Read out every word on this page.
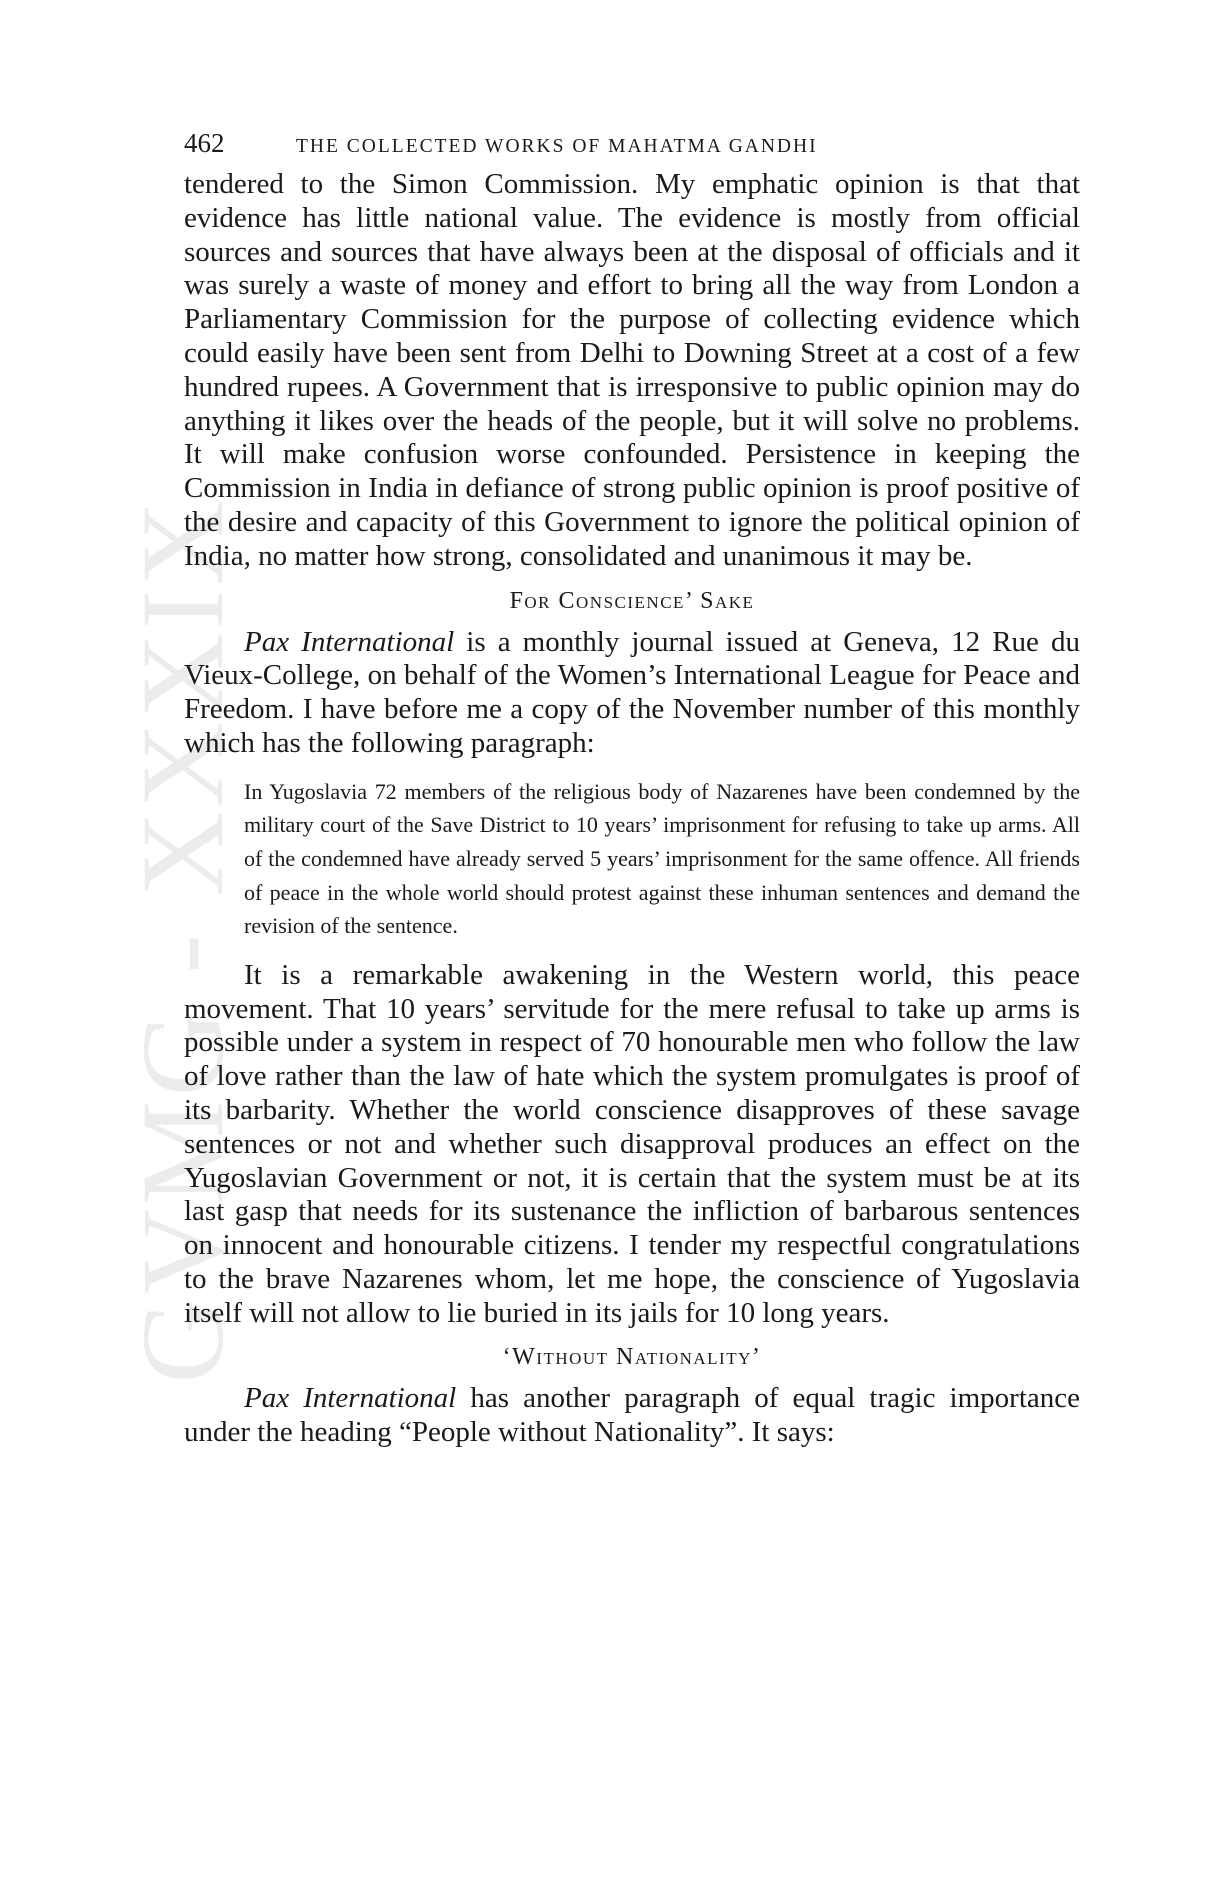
GVMG - XXXIX
462	THE COLLECTED WORKS OF MAHATMA GANDHI

tendered to the Simon Commission. My emphatic opinion is that that evidence has little national value. The evidence is mostly from official sources and sources that have always been at the disposal of officials and it was surely a waste of money and effort to bring all the way from London a Parliamentary Commission for the purpose of collecting evidence which could easily have been sent from Delhi to Downing Street at a cost of a few hundred rupees. A Government that is irresponsive to public opinion may do anything it likes over the heads of the people, but it will solve no problems. It will make confusion worse confounded. Persistence in keeping the Commission in India in defiance of strong public opinion is proof positive of the desire and capacity of this Government to ignore the political opinion of India, no matter how strong, consolidated and unanimous it may be.

For Conscience’ Sake

Pax International is a monthly journal issued at Geneva, 12 Rue du Vieux-College, on behalf of the Women’s International League for Peace and Freedom. I have before me a copy of the November number of this monthly which has the following paragraph:

In Yugoslavia 72 members of the religious body of Nazarenes have been condemned by the military court of the Save District to 10 years’ imprisonment for refusing to take up arms. All of the condemned have already served 5 years’ imprisonment for the same offence. All friends of peace in the whole world should protest against these inhuman sentences and demand the revision of the sentence.

It is a remarkable awakening in the Western world, this peace movement. That 10 years’ servitude for the mere refusal to take up arms is possible under a system in respect of 70 honourable men who follow the law of love rather than the law of hate which the system promulgates is proof of its barbarity. Whether the world conscience disapproves of these savage sentences or not and whether such disapproval produces an effect on the Yugoslavian Government or not, it is certain that the system must be at its last gasp that needs for its sustenance the infliction of barbarous sentences on innocent and honourable citizens. I tender my respectful congratulations to the brave Nazarenes whom, let me hope, the conscience of Yugoslavia itself will not allow to lie buried in its jails for 10 long years.

‘Without Nationality’

Pax International has another paragraph of equal tragic importance under the heading “People without Nationality”. It says:
